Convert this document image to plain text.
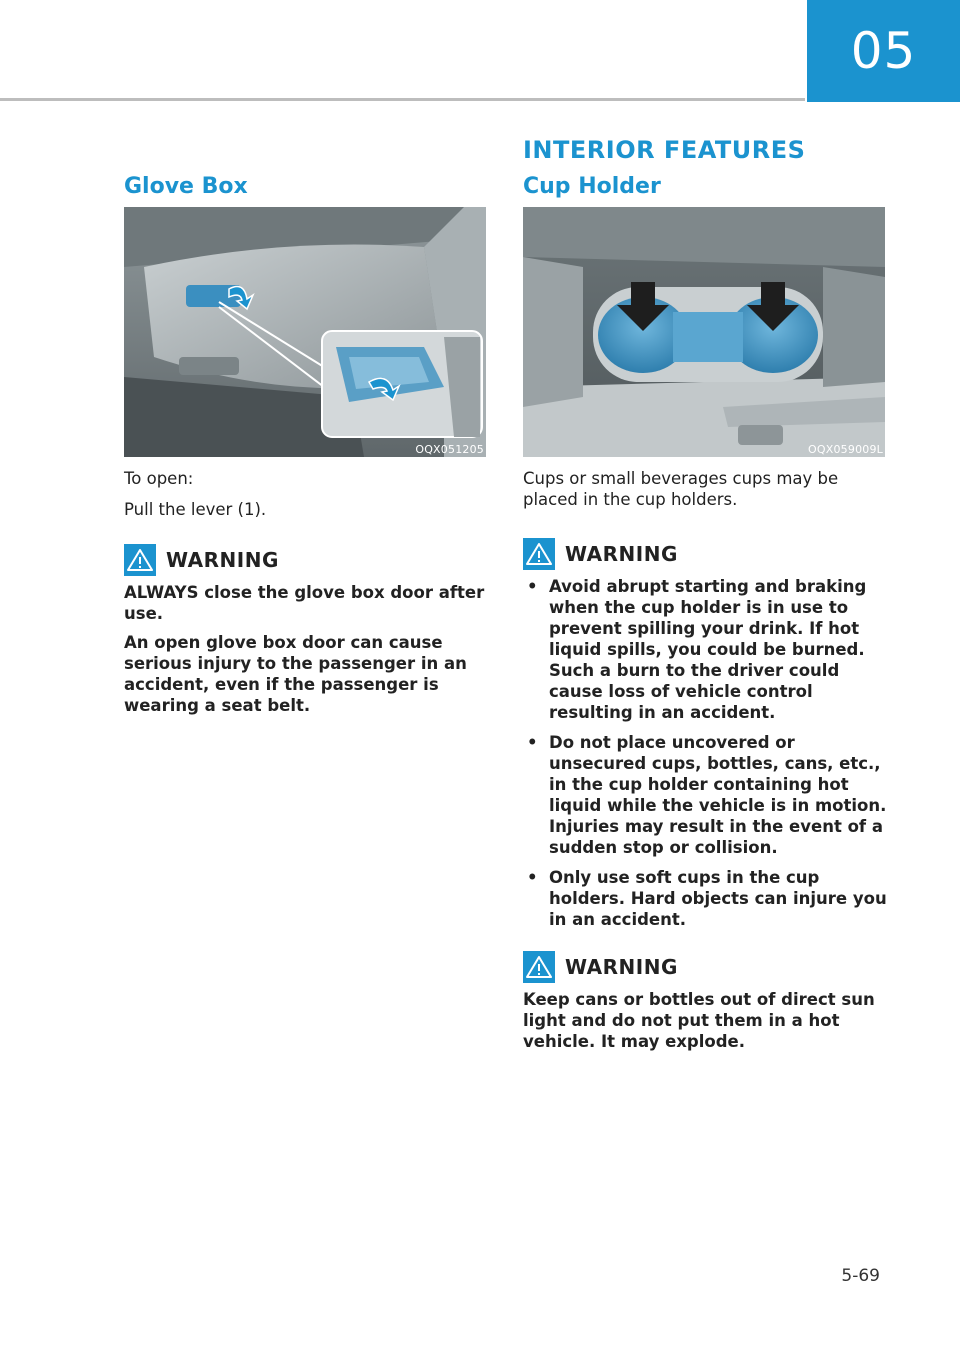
05
INTERIOR FEATURES
Glove Box
OQX051205
To open:
Pull the lever (1).
WARNING

ALWAYS close the glove box door after use.

An open glove box door can cause serious injury to the passenger in an accident, even if the passenger is wearing a seat belt.

Cup Holder
OQX059009L
Cups or small beverages cups may be placed in the cup holders.
WARNING
• Avoid abrupt starting and braking when the cup holder is in use to prevent spilling your drink. If hot liquid spills, you could be burned. Such a burn to the driver could cause loss of vehicle control resulting in an accident.
• Do not place uncovered or unsecured cups, bottles, cans, etc., in the cup holder containing hot liquid while the vehicle is in motion. Injuries may result in the event of a sudden stop or collision.
• Only use soft cups in the cup holders. Hard objects can injure you in an accident.
WARNING

Keep cans or bottles out of direct sun light and do not put them in a hot vehicle. It may explode.

5-69
